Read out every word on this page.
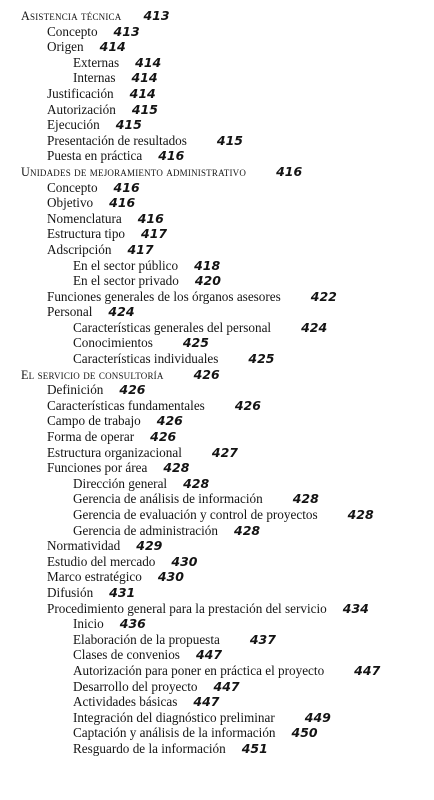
Asistencia técnica 413
Concepto 413
Origen 414
Externas 414
Internas 414
Justificación 414
Autorización 415
Ejecución 415
Presentación de resultados 415
Puesta en práctica 416
Unidades de mejoramiento administrativo 416
Concepto 416
Objetivo 416
Nomenclatura 416
Estructura tipo 417
Adscripción 417
En el sector público 418
En el sector privado 420
Funciones generales de los órganos asesores 422
Personal 424
Características generales del personal 424
Conocimientos 425
Características individuales 425
El servicio de consultoría 426
Definición 426
Características fundamentales 426
Campo de trabajo 426
Forma de operar 426
Estructura organizacional 427
Funciones por área 428
Dirección general 428
Gerencia de análisis de información 428
Gerencia de evaluación y control de proyectos 428
Gerencia de administración 428
Normatividad 429
Estudio del mercado 430
Marco estratégico 430
Difusión 431
Procedimiento general para la prestación del servicio 434
Inicio 436
Elaboración de la propuesta 437
Clases de convenios 447
Autorización para poner en práctica el proyecto 447
Desarrollo del proyecto 447
Actividades básicas 447
Integración del diagnóstico preliminar 449
Captación y análisis de la información 450
Resguardo de la información 451
